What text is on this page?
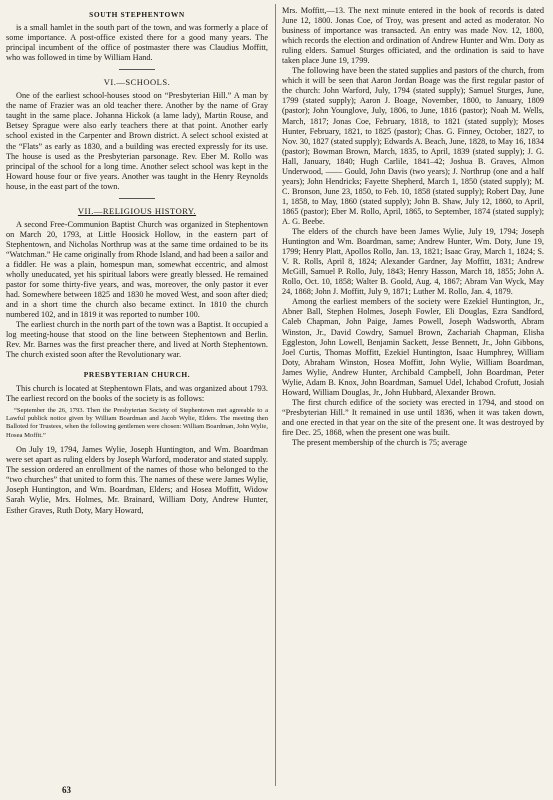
SOUTH STEPHENTOWN

is a small hamlet in the south part of the town, and was formerly a place of some importance. A post-office existed there for a good many years. The principal incumbent of the office of postmaster there was Claudius Moffitt, who was followed in time by William Hand.

VI.—SCHOOLS.

One of the earliest school-houses stood on “Presbyterian Hill.” A man by the name of Frazier was an old teacher there. Another by the name of Gray taught in the same place. Johanna Hickok (a lame lady), Martin Rouse, and Betsey Sprague were also early teachers there at that point. Another early school existed in the Carpenter and Brown district. A select school existed at the “Flats” as early as 1830, and a building was erected expressly for its use. The house is used as the Presbyterian parsonage. Rev. Eber M. Rollo was principal of the school for a long time. Another select school was kept in the Howard house four or five years. Another was taught in the Henry Reynolds house, in the east part of the town.

VII.—RELIGIOUS HISTORY.

A second Free-Communion Baptist Church was organized in Stephentown on March 20, 1793, at Little Hoosick Hollow, in the eastern part of Stephentown, and Nicholas Northrup was at the same time ordained to be its “Watchman.” He came originally from Rhode Island, and had been a sailor and a fiddler. He was a plain, homespun man, somewhat eccentric, and almost wholly uneducated, yet his spiritual labors were greatly blessed. He remained pastor for some thirty-five years, and was, moreover, the only pastor it ever had. Somewhere between 1825 and 1830 he moved West, and soon after died; and in a short time the church also became extinct. In 1810 the church numbered 102, and in 1819 it was reported to number 100.

The earliest church in the north part of the town was a Baptist. It occupied a log meeting-house that stood on the line between Stephentown and Berlin. Rev. Mr. Barnes was the first preacher there, and lived at North Stephentown. The church existed soon after the Revolutionary war.

PRESBYTERIAN CHURCH.

This church is located at Stephentown Flats, and was organized about 1793. The earliest record on the books of the society is as follows:

“September the 26, 1793. Then the Presbyterian Society of Stephentown met agreeable to a Lawful publick notice given by William Boardman and Jacob Wylie, Elders. The meeting then Balloted for Trustees, when the following gentlemen were chosen: William Boardman, John Wylie, Hosea Moffit.”

On July 19, 1794, James Wylie, Joseph Huntington, and Wm. Boardman were set apart as ruling elders by Joseph Warford, moderator and stated supply. The session ordered an enrollment of the names of those who belonged to the “two churches” that united to form this. The names of these were James Wylie, Joseph Huntington, and Wm. Boardman, Elders; and Hosea Moffitt, Widow Sarah Wylie, Mrs. Holmes, Mr. Brainard, William Doty, Andrew Hunter, Esther Graves, Ruth Doty, Mary Howard,

Mrs. Moffitt,—13. The next minute entered in the book of records is dated June 12, 1800. Jonas Coe, of Troy, was present and acted as moderator. No business of importance was transacted. An entry was made Nov. 12, 1800, which records the election and ordination of Andrew Hunter and Wm. Doty as ruling elders. Samuel Sturges officiated, and the ordination is said to have taken place June 19, 1799.

The following have been the stated supplies and pastors of the church, from which it will be seen that Aaron Jordan Boage was the first regular pastor of the church: John Warford, July, 1794 (stated supply); Samuel Sturges, June, 1799 (stated supply); Aaron J. Boage, November, 1800, to January, 1809 (pastor); John Younglove, July, 1806, to June, 1816 (pastor); Noah M. Wells, March, 1817; Jonas Coe, February, 1818, to 1821 (stated supply); Moses Hunter, February, 1821, to 1825 (pastor); Chas. G. Finney, October, 1827, to Nov. 30, 1827 (stated supply); Edwards A. Beach, June, 1828, to May 16, 1834 (pastor); Bowman Brown, March, 1835, to April, 1839 (stated supply); J. G. Hall, January, 1840; Hugh Carlile, 1841–42; Joshua B. Graves, Almon Underwood, —— Gould, John Davis (two years); J. Northrup (one and a half years); John Hendricks; Fayette Shepherd, March 1, 1850 (stated supply); M. C. Bronson, June 23, 1850, to Feb. 10, 1858 (stated supply); Robert Day, June 1, 1858, to May, 1860 (stated supply); John B. Shaw, July 12, 1860, to April, 1865 (pastor); Eber M. Rollo, April, 1865, to September, 1874 (stated supply); A. G. Beebe.

The elders of the church have been James Wylie, July 19, 1794; Joseph Huntington and Wm. Boardman, same; Andrew Hunter, Wm. Doty, June 19, 1799; Henry Platt, Apollos Rollo, Jan. 13, 1821; Isaac Gray, March 1, 1824; S. V. R. Rolls, April 8, 1824; Alexander Gardner, Jay Moffitt, 1831; Andrew McGill, Samuel P. Rollo, July, 1843; Henry Hasson, March 18, 1855; John A. Rollo, Oct. 10, 1858; Walter B. Goold, Aug. 4, 1867; Abram Van Wyck, May 24, 1868; John J. Moffitt, July 9, 1871; Luther M. Rollo, Jan. 4, 1879.

Among the earliest members of the society were Ezekiel Huntington, Jr., Abner Ball, Stephen Holmes, Joseph Fowler, Eli Douglas, Ezra Sandford, Caleb Chapman, John Paige, James Powell, Joseph Wadsworth, Abram Winston, Jr., David Cowdry, Samuel Brown, Zachariah Chapman, Elisha Eggleston, John Lowell, Benjamin Sackett, Jesse Bennett, Jr., John Gibbons, Joel Curtis, Thomas Moffitt, Ezekiel Huntington, Isaac Humphrey, William Doty, Abraham Winston, Hosea Moffitt, John Wylie, William Boardman, James Wylie, Andrew Hunter, Archibald Campbell, John Boardman, Peter Wylie, Adam B. Knox, John Boardman, Samuel Udel, Ichabod Crofutt, Josiah Howard, William Douglas, Jr., John Hubbard, Alexander Brown.

The first church edifice of the society was erected in 1794, and stood on “Presbyterian Hill.” It remained in use until 1836, when it was taken down, and one erected in that year on the site of the present one. It was destroyed by fire Dec. 25, 1868, when the present one was built.

The present membership of the church is 75; average

63
